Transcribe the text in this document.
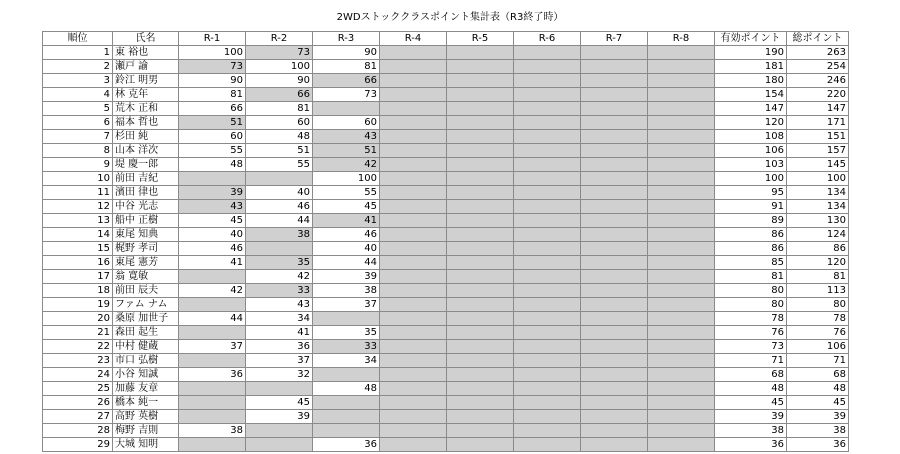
2WDストッククラスポイント集計表（R3終了時）
順位	氏名	R-1	R-2	R-3	R-4	R-5	R-6	R-7	R-8	有効ポイント	総ポイント
1	東 裕也	100	73	90						190	263
2	瀬戸 諭	73	100	81						181	254
3	鈴江 明男	90	90	66						180	246
4	林 克年	81	66	73						154	220
5	荒木 正和	66	81							147	147
6	福本 哲也	51	60	60						120	171
7	杉田 純	60	48	43						108	151
8	山本 洋次	55	51	51						106	157
9	堤 慶一郎	48	55	42						103	145
10	前田 吉紀			100						100	100
11	濱田 律也	39	40	55						95	134
12	中谷 光志	43	46	45						91	134
13	船中 正樹	45	44	41						89	130
14	東尾 知典	40	38	46						86	124
15	梶野 孝司	46		40						86	86
16	東尾 憲芳	41	35	44						85	120
17	翁 寛敏		42	39						81	81
18	前田 辰夫	42	33	38						80	113
19	ファム ナム		43	37						80	80
20	桑原 加世子	44	34							78	78
21	森田 起生		41	35						76	76
22	中村 健蔵	37	36	33						73	106
23	市口 弘樹		37	34						71	71
24	小谷 知誠	36	32							68	68
25	加藤 友章			48						48	48
26	橋本 純一		45							45	45
27	高野 英樹		39							39	39
28	梅野 吉則	38								38	38
29	大城 知明			36						36	36
